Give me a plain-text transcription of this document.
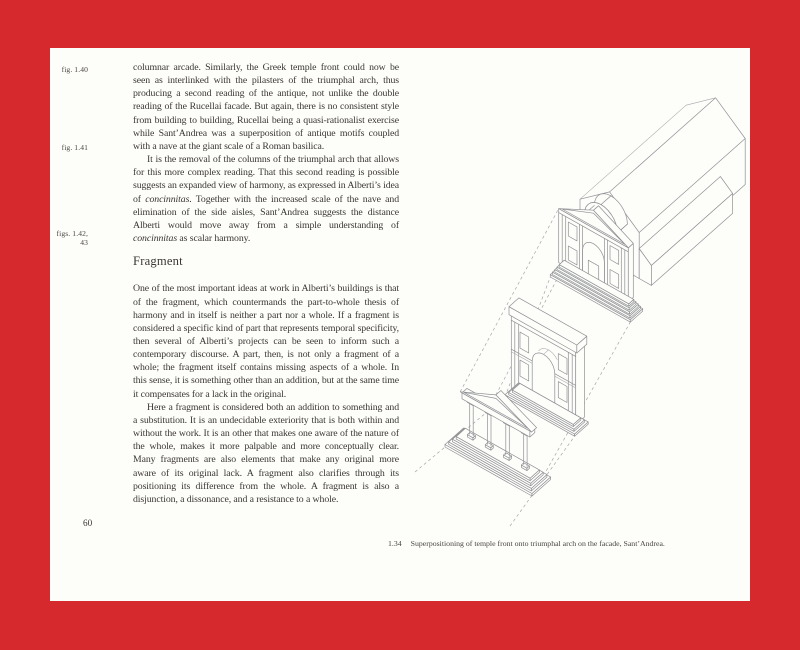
fig. 1.40
fig. 1.41
figs. 1.42, 43

columnar arcade. Similarly, the Greek temple front could now be seen as interlinked with the pilasters of the triumphal arch, thus producing a second reading of the antique, not unlike the double reading of the Rucellai facade. But again, there is no consistent style from building to building, Rucellai being a quasi-rationalist exercise while Sant’Andrea was a superposition of antique motifs coupled with a nave at the giant scale of a Roman basilica.

It is the removal of the columns of the triumphal arch that allows for this more complex reading. That this second reading is possible suggests an expanded view of harmony, as expressed in Alberti’s idea of concinnitas. Together with the increased scale of the nave and elimination of the side aisles, Sant’Andrea suggests the distance Alberti would move away from a simple understanding of concinnitas as scalar harmony.

Fragment

One of the most important ideas at work in Alberti’s buildings is that of the fragment, which countermands the part-to-whole thesis of harmony and in itself is neither a part nor a whole. If a fragment is considered a specific kind of part that represents temporal specificity, then several of Alberti’s projects can be seen to inform such a contemporary discourse. A part, then, is not only a fragment of a whole; the fragment itself contains missing aspects of a whole. In this sense, it is something other than an addition, but at the same time it compensates for a lack in the original.

Here a fragment is considered both an addition to something and a substitution. It is an undecidable exteriority that is both within and without the work. It is an other that makes one aware of the nature of the whole, makes it more palpable and more conceptually clear. Many fragments are also elements that make any original more aware of its original lack. A fragment also clarifies through its positioning its difference from the whole. A fragment is also a disjunction, a dissonance, and a resistance to a whole.

60
1.34 Superpositioning of temple front onto triumphal arch on the facade, Sant’Andrea.
